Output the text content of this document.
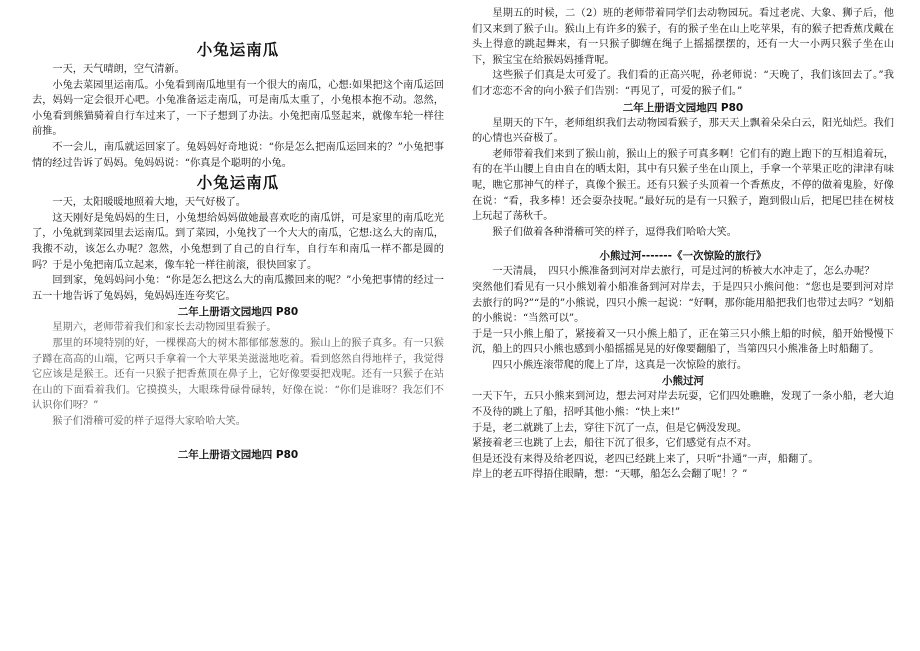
小兔运南瓜

一天，天气晴朗，空气清新。

小兔去菜园里运南瓜。小兔看到南瓜地里有一个很大的南瓜，心想:如果把这个南瓜运回去，妈妈一定会很开心吧。小兔准备运走南瓜，可是南瓜太重了，小兔根本抱不动。忽然，小兔看到熊猫骑着自行车过来了，一下子想到了办法。小兔把南瓜竖起来，就像车轮一样往前推。

不一会儿，南瓜就运回家了。兔妈妈好奇地说：“你是怎么把南瓜运回来的？”小兔把事情的经过告诉了妈妈。兔妈妈说：“你真是个聪明的小兔。

小兔运南瓜

一天，太阳暖暖地照着大地，天气好极了。

这天刚好是兔妈妈的生日，小兔想给妈妈做她最喜欢吃的南瓜饼，可是家里的南瓜吃光了，小兔就到菜园里去运南瓜。到了菜园，小兔找了一个大大的南瓜，它想:这么大的南瓜，我搬不动，该怎么办呢？忽然，小兔想到了自己的自行车，自行车和南瓜一样不都是圆的吗？于是小兔把南瓜立起来，像车轮一样往前滚，很快回家了。

回到家，兔妈妈问小兔：“你是怎么把这么大的南瓜搬回来的呢？”小兔把事情的经过一五一十地告诉了兔妈妈，兔妈妈连连夸奖它。

二年上册语文园地四 P80

星期六，老师带着我们和家长去动物园里看猴子。

那里的环境特别的好，一棵棵高大的树木都郁郁葱葱的。猴山上的猴子真多。有一只猴子蹲在高高的山端，它两只手拿着一个大苹果美滋滋地吃着。看到悠然自得地样子，我觉得它应该是是猴王。还有一只猴子把香蕉顶在鼻子上，它好像要耍把戏呢。还有一只猴子在站在山的下面看着我们。它摸摸头，大眼珠骨碌骨碌转，好像在说：“你们是谁呀？我怎们不认识你们呀？”

猴子们滑稽可爱的样子逗得大家哈哈大笑。

二年上册语文园地四 P80

星期五的时候，二（2）班的老师带着同学们去动物园玩。看过老虎、大象、狮子后，他们又来到了猴子山。猴山上有许多的猴子，有的猴子坐在山上吃苹果，有的猴子把香蕉戊戴在头上得意的跳起舞来，有一只猴子脚缠在绳子上摇摇摆摆的，还有一大一小两只猴子坐在山下，猴宝宝在给猴妈妈捶背呢。

这些猴子们真是太可爱了。我们看的正高兴呢，孙老师说：“天晚了，我们该回去了。”我们才恋恋不舍的向小猴子们告别：“再见了，可爱的猴子们。”

二年上册语文园地四 P80

星期天的下午，老师组织我们去动物园看猴子，那天天上飘着朵朵白云，阳光灿烂。我们的心情也兴奋极了。

老师带着我们来到了猴山前，猴山上的猴子可真多啊！它们有的跑上跑下的互相追着玩，有的在半山腰上自由自在的晒太阳，其中有只猴子坐在山顶上，手拿一个苹果正吃的津津有味呢，瞧它那神气的样子，真像个猴王。还有只猴子头顶着一个香蕉皮，不停的做着鬼脸，好像在说：“看，我多棒！还会耍杂技呢。”最好玩的是有一只猴子，跑到假山后，把尾巴挂在树枝上玩起了荡秋千。

猴子们做着各种滑稽可笑的样子，逗得我们哈哈大笑。

小熊过河-------《一次惊险的旅行》

一天清晨，　四只小熊准备到河对岸去旅行，可是过河的桥被大水冲走了，怎么办呢？

突然他们看见有一只小熊划着小船准备到河对岸去，于是四只小熊问他：“您也是要到河对岸去旅行的吗?”“是的”小熊说，四只小熊一起说：“好啊，那你能用船把我们也带过去吗？”划船的小熊说：“当然可以”。

于是一只小熊上船了，紧接着又一只小熊上船了，正在第三只小熊上船的时候，船开始慢慢下沉，船上的四只小熊也感到小船摇摇晃晃的好像要翻船了，当第四只小熊准备上时船翻了。

四只小熊连滚带爬的爬上了岸，这真是一次惊险的旅行。

小熊过河

一天下午，五只小熊来到河边，想去河对岸去玩耍，它们四处瞧瞧，发现了一条小船，老大迫不及待的跳上了船，招呼其他小熊：“快上来!”

于是，老二就跳了上去，穿往下沉了一点，但是它俩没发现。

紧接着老三也跳了上去，船往下沉了很多，它们感觉有点不对。

但是还没有来得及给老四说，老四已经跳上来了，只听“扑通”一声，船翻了。

岸上的老五吓得捂住眼睛，想：“天哪，船怎么会翻了呢！？”
